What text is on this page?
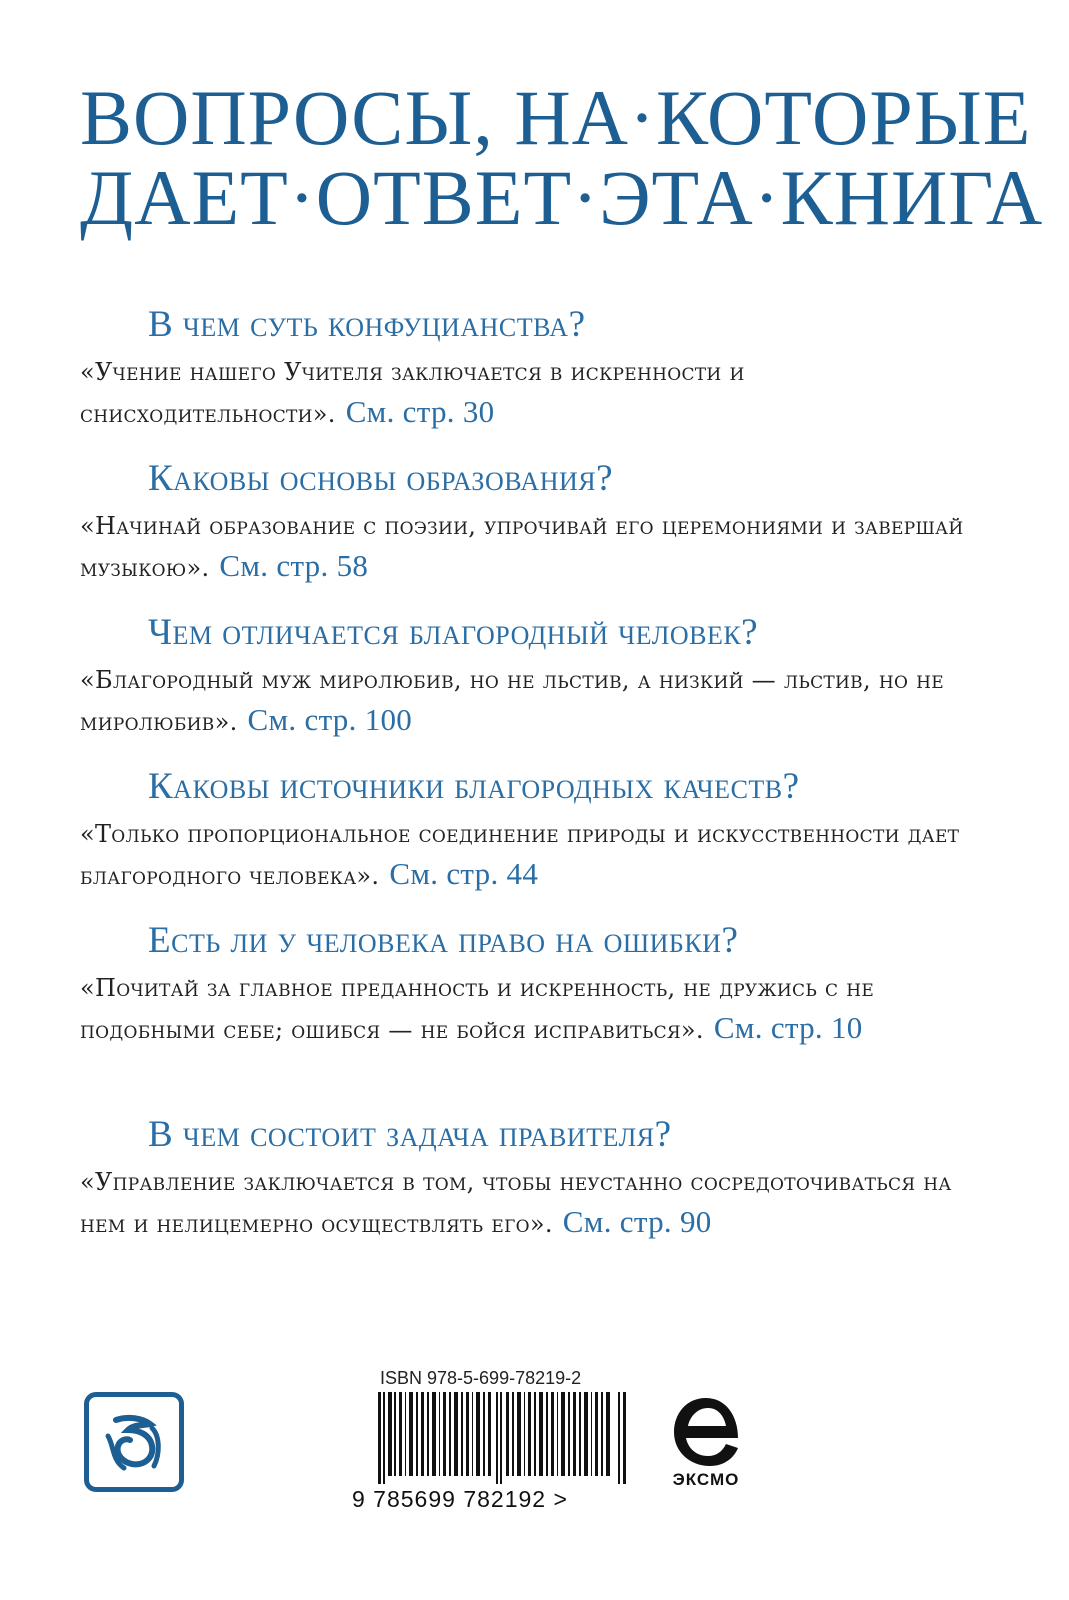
ВОПРОСЫ, НА·КОТОРЫЕ
ДАЕТ·ОТВЕТ·ЭТА·КНИГА

В чем суть конфуцианства?

«Учение нашего Учителя заключается в искренности и снисходительности». См. стр. 30

Каковы основы образования?

«Начинай образование с поэзии, упрочивай его церемониями и завершай музыкою». См. стр. 58

Чем отличается благородный человек?

«Благородный муж миролюбив, но не льстив, а низкий — льстив, но не миролюбив». См. стр. 100

Каковы источники благородных качеств?

«Только пропорциональное соединение природы и искусственности дает благородного человека». См. стр. 44

Есть ли у человека право на ошибки?

«Почитай за главное преданность и искренность, не дружись с не подобными себе; ошибся — не бойся исправиться». См. стр. 10

В чем состоит задача правителя?

«Управление заключается в том, чтобы неустанно сосредоточиваться на нем и нелицемерно осуществлять его». См. стр. 90

ISBN 978-5-699-78219-2
9 785699 782192 >
ЭКСМО
